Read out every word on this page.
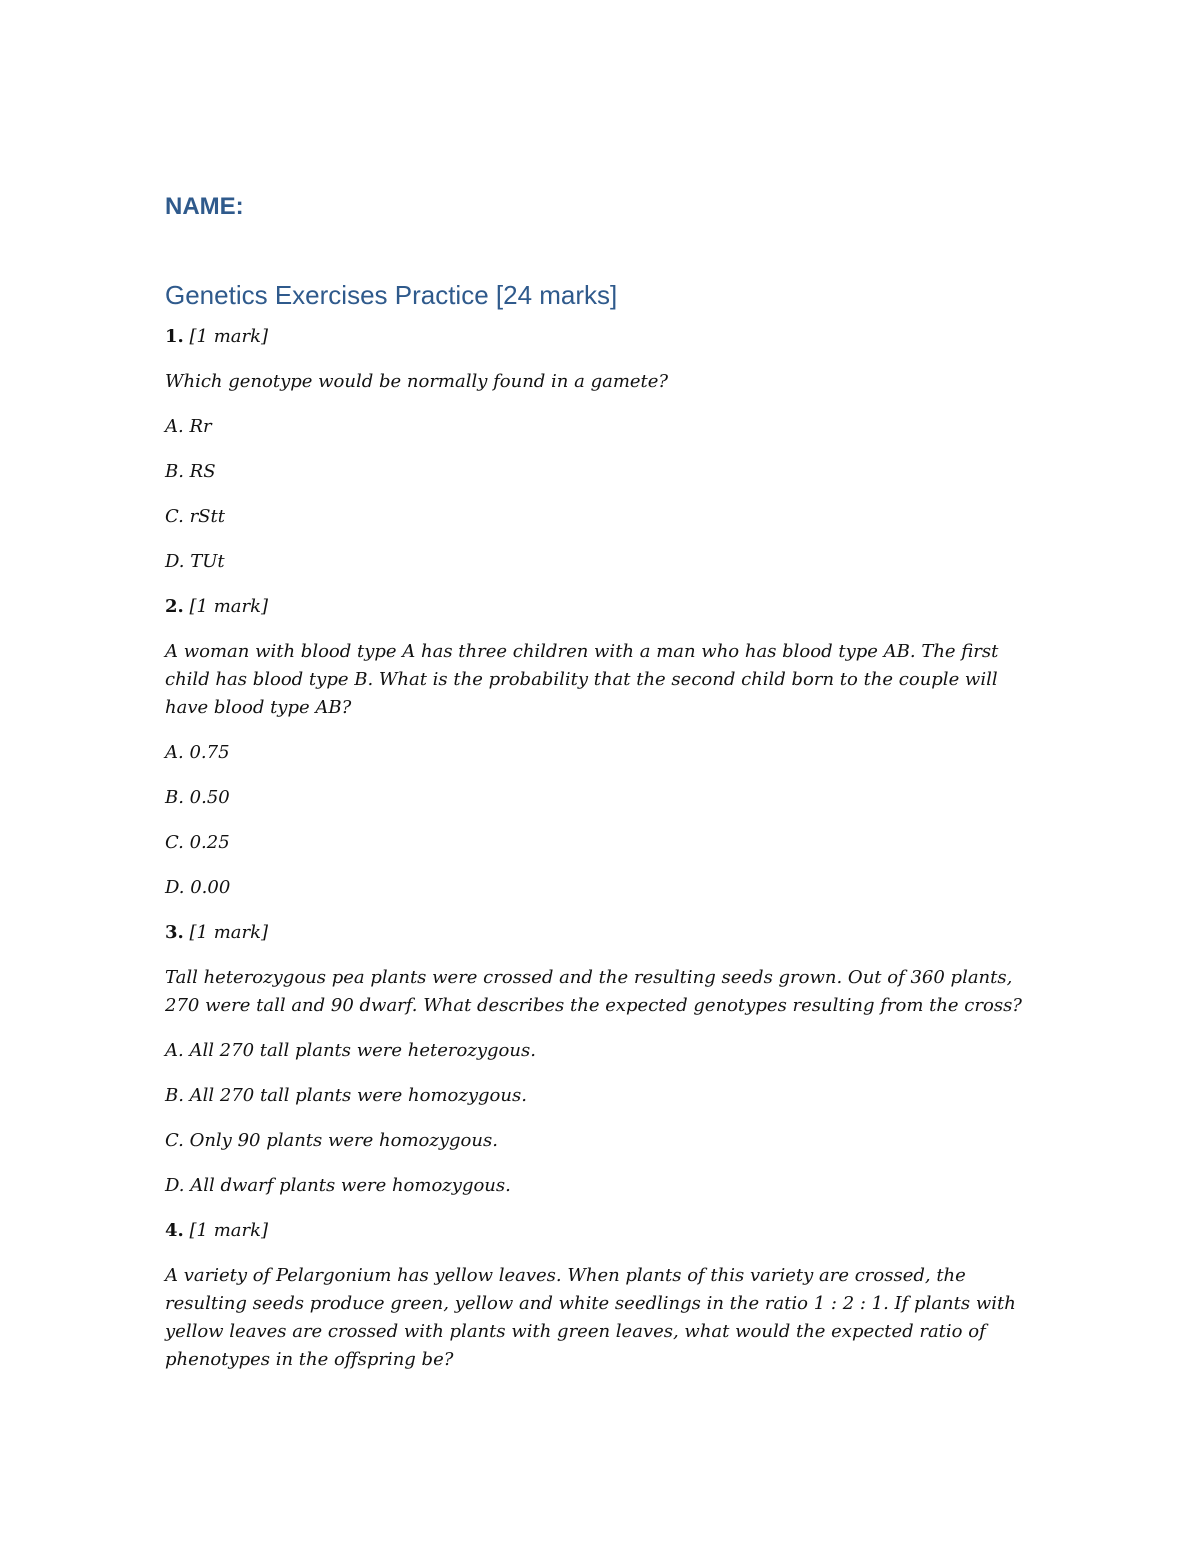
NAME:
Genetics Exercises Practice [24 marks]

1. [1 mark]

Which genotype would be normally found in a gamete?

A. Rr

B. RS

C. rStt

D. TUt

2. [1 mark]

A woman with blood type A has three children with a man who has blood type AB. The first child has blood type B. What is the probability that the second child born to the couple will have blood type AB?

A. 0.75

B. 0.50

C. 0.25

D. 0.00

3. [1 mark]

Tall heterozygous pea plants were crossed and the resulting seeds grown. Out of 360 plants, 270 were tall and 90 dwarf. What describes the expected genotypes resulting from the cross?

A. All 270 tall plants were heterozygous.

B. All 270 tall plants were homozygous.

C. Only 90 plants were homozygous.

D. All dwarf plants were homozygous.

4. [1 mark]

A variety of Pelargonium has yellow leaves. When plants of this variety are crossed, the resulting seeds produce green, yellow and white seedlings in the ratio 1 : 2 : 1. If plants with yellow leaves are crossed with plants with green leaves, what would the expected ratio of phenotypes in the offspring be?
